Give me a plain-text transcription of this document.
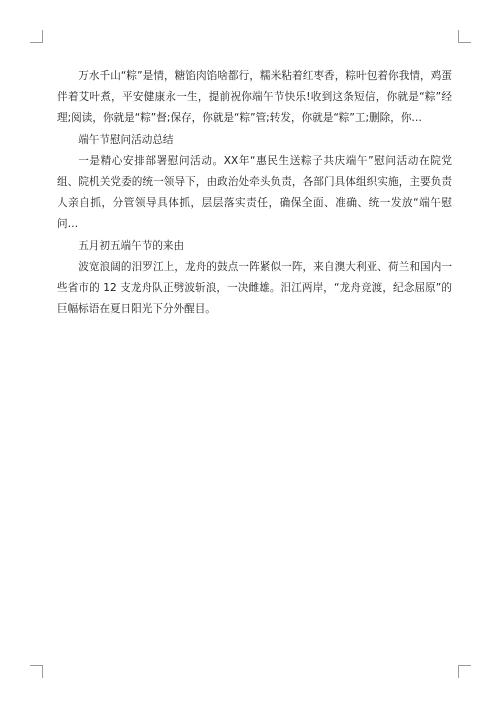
万水千山“粽”是情，糖馅肉馅啥都行，糯米粘着红枣香，粽叶包着你我情，鸡蛋伴着艾叶煮，平安健康永一生，提前祝你端午节快乐!收到这条短信，你就是“粽”经理;阅读，你就是“粽”督;保存，你就是“粽”管;转发，你就是“粽”工;删除，你…

端午节慰问活动总结

一是精心安排部署慰问活动。XX年“惠民生送粽子共庆端午”慰问活动在院党组、院机关党委的统一领导下，由政治处牵头负责，各部门具体组织实施，主要负责人亲自抓，分管领导具体抓，层层落实责任，确保全面、准确、统一发放“端午慰问…

五月初五端午节的来由

波宽浪阔的汨罗江上，龙舟的鼓点一阵紧似一阵，来自澳大利亚、荷兰和国内一些省市的 12 支龙舟队正劈波斩浪，一决雌雄。汨江两岸，“龙舟竞渡，纪念屈原”的巨幅标语在夏日阳光下分外醒目。
